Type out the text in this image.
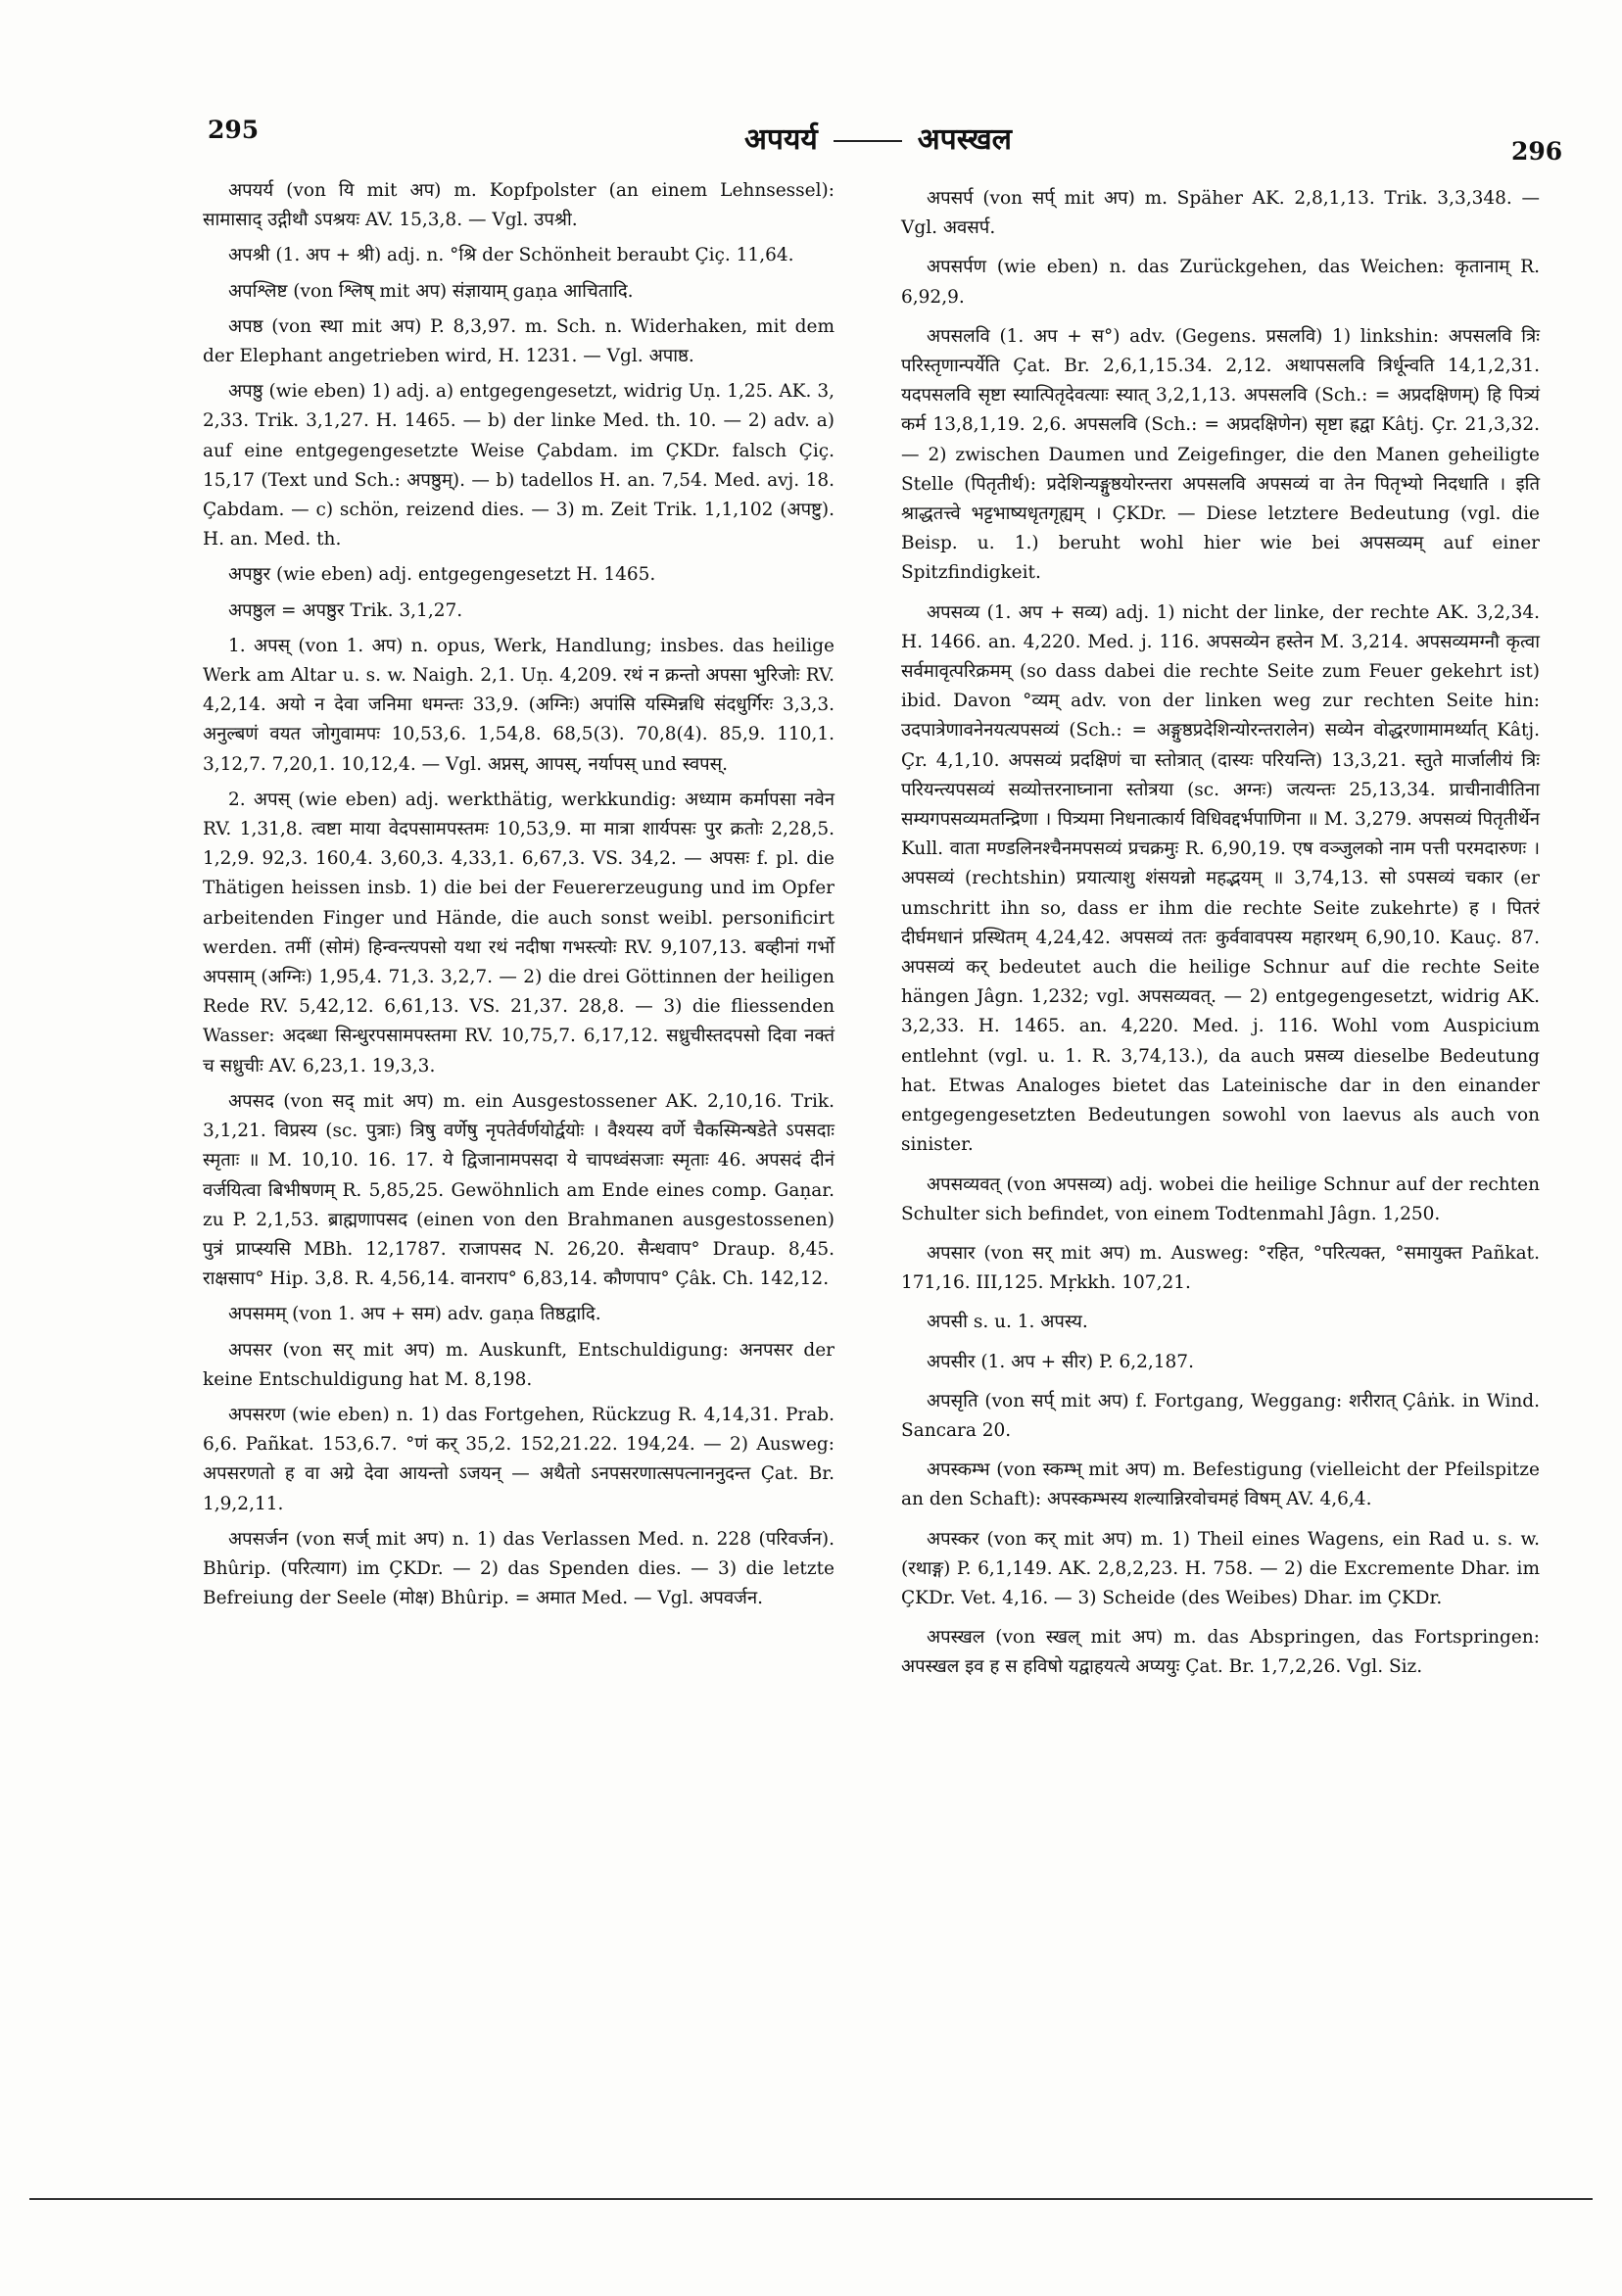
295	अपयर्य	अपस्खल	296

अपयर्य (von यि mit अप) m. Kopfpolster (an einem Lehnsessel): सामासाद् उद्गीथौ ऽपश्रयः AV. 15,3,8. — Vgl. उपश्री.

अपश्री (1. अप + श्री) adj. n. °श्रि der Schönheit beraubt Çiç. 11,64.

अपश्लिष्ट (von श्लिष् mit अप) संज्ञायाम् gaṇa आचितादि.

अपष्ठ (von स्था mit अप) P. 8,3,97. m. Sch. n. Widerhaken, mit dem der Elephant angetrieben wird, H. 1231. — Vgl. अपाष्ठ.

अपष्ठु (wie eben) 1) adj. a) entgegengesetzt, widrig Uṇ. 1,25. AK. 3, 2,33. Trik. 3,1,27. H. 1465. — b) der linke Med. th. 10. — 2) adv. a) auf eine entgegengesetzte Weise Çabdam. im ÇKDr. falsch Çiç. 15,17 (Text und Sch.: अपष्ठुम्). — b) tadellos H. an. 7,54. Med. avj. 18. Çabdam. — c) schön, reizend dies. — 3) m. Zeit Trik. 1,1,102 (अपष्टु). H. an. Med. th.

अपष्ठुर (wie eben) adj. entgegengesetzt H. 1465.

अपष्ठुल = अपष्ठुर Trik. 3,1,27.

1. अपस् (von 1. अप) n. opus, Werk, Handlung; insbes. das heilige Werk am Altar u. s. w. Naigh. 2,1. Uṇ. 4,209. रथं न क्रन्तो अपसा भुरिजोः RV. 4,2,14. अयो न देवा जनिमा धमन्तः 33,9. (अग्निः) अपांसि यस्मिन्नधि संदधुर्गिरः 3,3,3. अनुल्बणं वयत जोगुवामपः 10,53,6. 1,54,8. 68,5(3). 70,8(4). 85,9. 110,1. 3,12,7. 7,20,1. 10,12,4. — Vgl. अप्नस्, आपस्, नर्यापस् und स्वपस्.

2. अपस् (wie eben) adj. werkthätig, werkkundig: अध्याम कर्मापसा नवेन RV. 1,31,8. त्वष्टा माया वेदपसामपस्तमः 10,53,9. मा मात्रा शार्यपसः पुर क्रतोः 2,28,5. 1,2,9. 92,3. 160,4. 3,60,3. 4,33,1. 6,67,3. VS. 34,2. — अपसः f. pl. die Thätigen heissen insb. 1) die bei der Feuererzeugung und im Opfer arbeitenden Finger und Hände, die auch sonst weibl. personificirt werden. तमीं (सोमं) हिन्वन्त्यपसो यथा रथं नदीषा गभस्त्योः RV. 9,107,13. बव्हीनां गर्भो अपसाम् (अग्निः) 1,95,4. 71,3. 3,2,7. — 2) die drei Göttinnen der heiligen Rede RV. 5,42,12. 6,61,13. VS. 21,37. 28,8. — 3) die fliessenden Wasser: अदब्धा सिन्धुरपसामपस्तमा RV. 10,75,7. 6,17,12. सध्रुचीस्तदपसो दिवा नक्तं च सध्रुचीः AV. 6,23,1. 19,3,3.

अपसद (von सद् mit अप) m. ein Ausgestossener AK. 2,10,16. Trik. 3,1,21. विप्रस्य (sc. पुत्राः) त्रिषु वर्णेषु नृपतेर्वर्णयोर्द्वयोः । वैश्यस्य वर्णे चैकस्मिन्षडेते ऽपसदाः स्मृताः ॥ M. 10,10. 16. 17. ये द्विजानामपसदा ये चापध्वंसजाः स्मृताः 46. अपसदं दीनं वर्जयित्वा बिभीषणम् R. 5,85,25. Gewöhnlich am Ende eines comp. Gaṇar. zu P. 2,1,53. ब्राह्मणापसद (einen von den Brahmanen ausgestossenen) पुत्रं प्राप्स्यसि MBh. 12,1787. राजापसद N. 26,20. सैन्धवाप° Draup. 8,45. राक्षसाप° Hip. 3,8. R. 4,56,14. वानराप° 6,83,14. कौणपाप° Çâk. Ch. 142,12.

अपसमम् (von 1. अप + सम) adv. gaṇa तिष्ठद्वादि.

अपसर (von सर् mit अप) m. Auskunft, Entschuldigung: अनपसर der keine Entschuldigung hat M. 8,198.

अपसरण (wie eben) n. 1) das Fortgehen, Rückzug R. 4,14,31. Prab. 6,6. Pañkat. 153,6.7. °णं कर् 35,2. 152,21.22. 194,24. — 2) Ausweg: अपसरणतो ह वा अग्रे देवा आयन्तो ऽजयन् — अथैतो ऽनपसरणात्सपत्नाननुदन्त Çat. Br. 1,9,2,11.

अपसर्जन (von सर्ज् mit अप) n. 1) das Verlassen Med. n. 228 (परिवर्जन). Bhûrip. (परित्याग) im ÇKDr. — 2) das Spenden dies. — 3) die letzte Befreiung der Seele (मोक्ष) Bhûrip. = अमात Med. — Vgl. अपवर्जन.

अपसर्प (von सर्प् mit अप) m. Späher AK. 2,8,1,13. Trik. 3,3,348. — Vgl. अवसर्प.

अपसर्पण (wie eben) n. das Zurückgehen, das Weichen: कृतानाम् R. 6,92,9.

अपसलवि (1. अप + स°) adv. (Gegens. प्रसलवि) 1) linkshin: अपसलवि त्रिः परिस्तृणान्पर्येति Çat. Br. 2,6,1,15.34. 2,12. अथापसलवि त्रिर्धून्वति 14,1,2,31. यदपसलवि सृष्टा स्यात्पितृदेवत्याः स्यात् 3,2,1,13. अपसलवि (Sch.: = अप्रदक्षिणम्) हि पित्र्यं कर्म 13,8,1,19. 2,6. अपसलवि (Sch.: = अप्रदक्षिणेन) सृष्टा ह्रद्वा Kâtj. Çr. 21,3,32. — 2) zwischen Daumen und Zeigefinger, die den Manen geheiligte Stelle (पितृतीर्थ): प्रदेशिन्यङ्गुष्ठयोरन्तरा अपसलवि अपसव्यं वा तेन पितृभ्यो निदधाति । इति श्राद्धतत्त्वे भट्टभाष्यधृतगृह्यम् । ÇKDr. — Diese letztere Bedeutung (vgl. die Beisp. u. 1.) beruht wohl hier wie bei अपसव्यम् auf einer Spitzfindigkeit.

अपसव्य (1. अप + सव्य) adj. 1) nicht der linke, der rechte AK. 3,2,34. H. 1466. an. 4,220. Med. j. 116. अपसव्येन हस्तेन M. 3,214. अपसव्यमग्नौ कृत्वा सर्वमावृत्परिक्रमम् (so dass dabei die rechte Seite zum Feuer gekehrt ist) ibid. Davon °व्यम् adv. von der linken weg zur rechten Seite hin: उदपात्रेणावनेनयत्यपसव्यं (Sch.: = अङ्गुष्ठप्रदेशिन्योरन्तरालेन) सव्येन वोद्धरणामामर्थ्यात् Kâtj. Çr. 4,1,10. अपसव्यं प्रदक्षिणं चा स्तोत्रात् (दास्यः परियन्ति) 13,3,21. स्तुते मार्जालीयं त्रिः परियन्त्यपसव्यं सव्योत्तरनाघ्नाना स्तोत्रया (sc. अग्नः) जत्यन्तः 25,13,34. प्राचीनावीतिना सम्यगपसव्यमतन्द्रिणा । पित्र्यमा निधनात्कार्य विधिवद्दर्भपाणिना ॥ M. 3,279. अपसव्यं पितृतीर्थेन Kull. वाता मण्डलिनश्चैनमपसव्यं प्रचक्रमुः R. 6,90,19. एष वञ्जुलको नाम पत्ती परमदारुणः । अपसव्यं (rechtshin) प्रयात्याशु शंसयन्नो महद्भयम् ॥ 3,74,13. सो ऽपसव्यं चकार (er umschritt ihn so, dass er ihm die rechte Seite zukehrte) ह । पितरं दीर्घमधानं प्रस्थितम् 4,24,42. अपसव्यं ततः कुर्ववावपस्य महारथम् 6,90,10. Kauç. 87. अपसव्यं कर् bedeutet auch die heilige Schnur auf die rechte Seite hängen Jâgn. 1,232; vgl. अपसव्यवत्. — 2) entgegengesetzt, widrig AK. 3,2,33. H. 1465. an. 4,220. Med. j. 116. Wohl vom Auspicium entlehnt (vgl. u. 1. R. 3,74,13.), da auch प्रसव्य dieselbe Bedeutung hat. Etwas Analoges bietet das Lateinische dar in den einander entgegengesetzten Bedeutungen sowohl von laevus als auch von sinister.

अपसव्यवत् (von अपसव्य) adj. wobei die heilige Schnur auf der rechten Schulter sich befindet, von einem Todtenmahl Jâgn. 1,250.

अपसार (von सर् mit अप) m. Ausweg: °रहित, °परित्यक्त, °समायुक्त Pañkat. 171,16. III,125. Mṛkkh. 107,21.

अपसी s. u. 1. अपस्य.

अपसीर (1. अप + सीर) P. 6,2,187.

अपसृति (von सर्प् mit अप) f. Fortgang, Weggang: शरीरात् Çâṅk. in Wind. Sancara 20.

अपस्कम्भ (von स्कम्भ् mit अप) m. Befestigung (vielleicht der Pfeilspitze an den Schaft): अपस्कम्भस्य शल्यान्निरवोचमहं विषम् AV. 4,6,4.

अपस्कर (von कर् mit अप) m. 1) Theil eines Wagens, ein Rad u. s. w. (रथाङ्ग) P. 6,1,149. AK. 2,8,2,23. H. 758. — 2) die Excremente Dhar. im ÇKDr. Vet. 4,16. — 3) Scheide (des Weibes) Dhar. im ÇKDr.

अपस्खल (von स्खल् mit अप) m. das Abspringen, das Fortspringen: अपस्खल इव ह स हविषो यद्वाहयत्ये अप्ययुः Çat. Br. 1,7,2,26. Vgl. Siz.
